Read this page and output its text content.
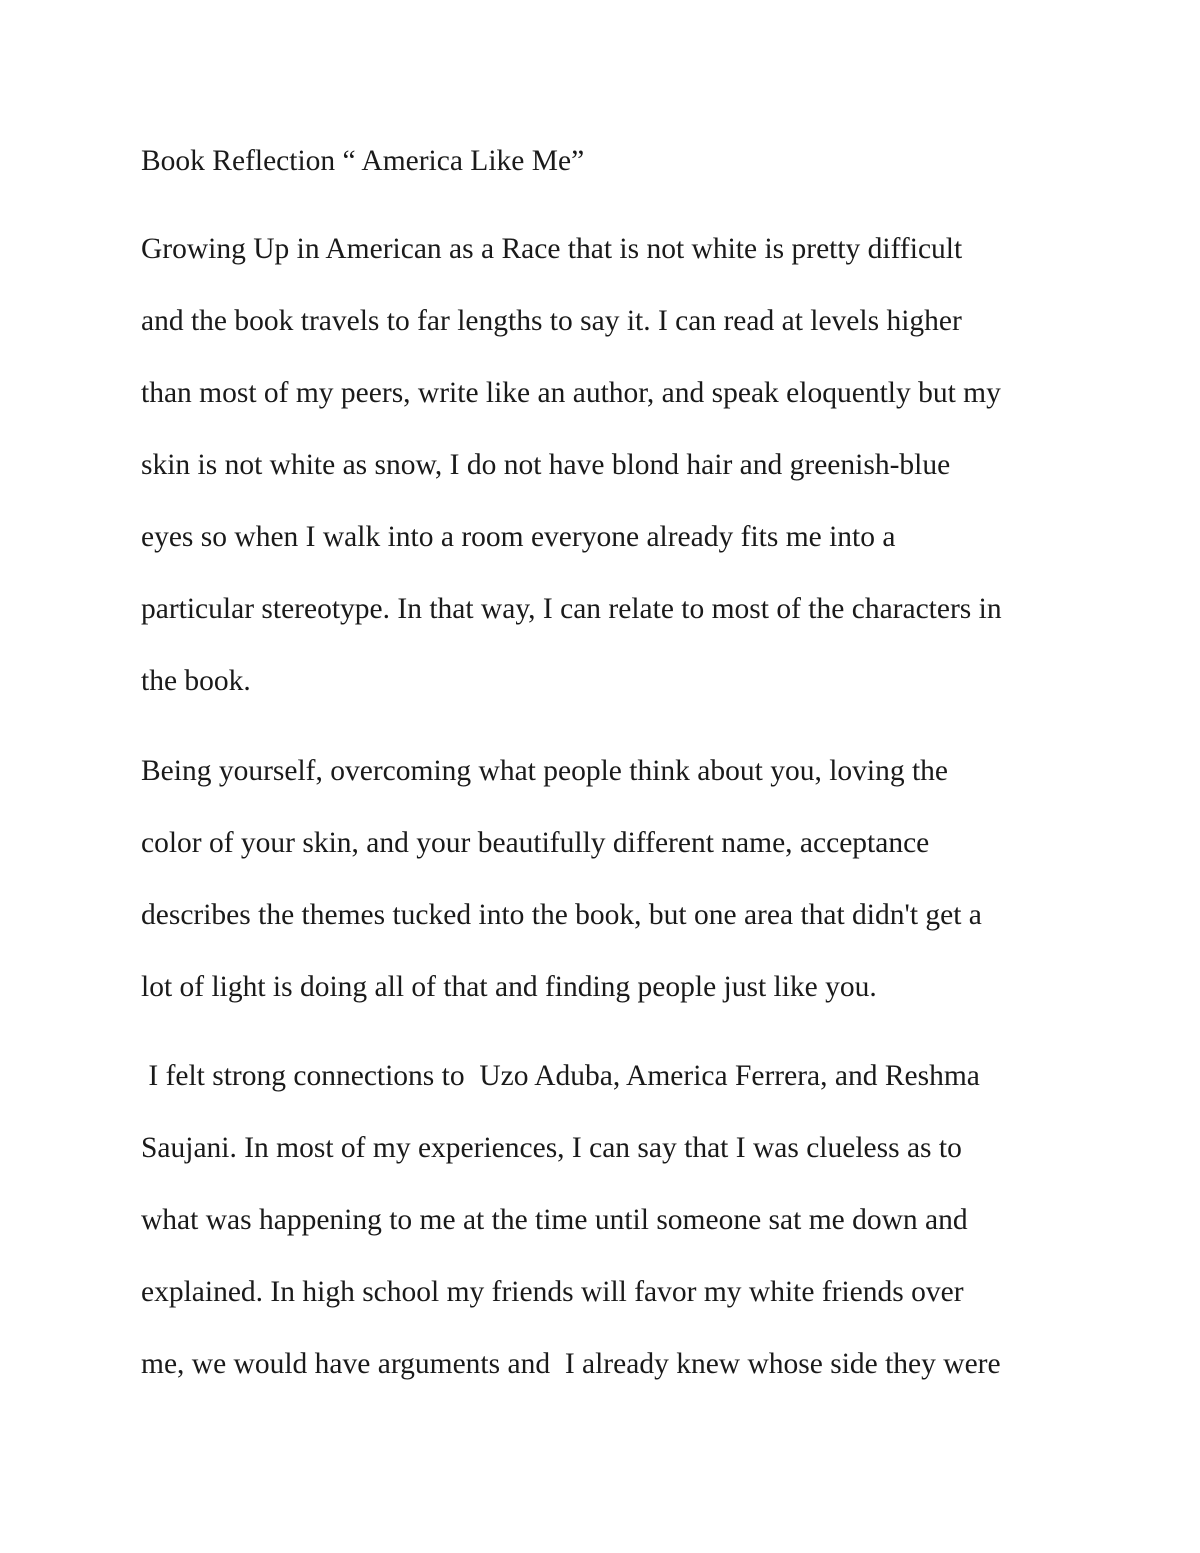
Book Reflection “ America Like Me”

Growing Up in American as a Race that is not white is pretty difficult

and the book travels to far lengths to say it. I can read at levels higher

than most of my peers, write like an author, and speak eloquently but my

skin is not white as snow, I do not have blond hair and greenish-blue

eyes so when I walk into a room everyone already fits me into a

particular stereotype. In that way, I can relate to most of the characters in

the book.

Being yourself, overcoming what people think about you, loving the

color of your skin, and your beautifully different name, acceptance

describes the themes tucked into the book, but one area that didn't get a

lot of light is doing all of that and finding people just like you.

I felt strong connections to  Uzo Aduba, America Ferrera, and Reshma

Saujani. In most of my experiences, I can say that I was clueless as to

what was happening to me at the time until someone sat me down and

explained. In high school my friends will favor my white friends over

me, we would have arguments and  I already knew whose side they were
